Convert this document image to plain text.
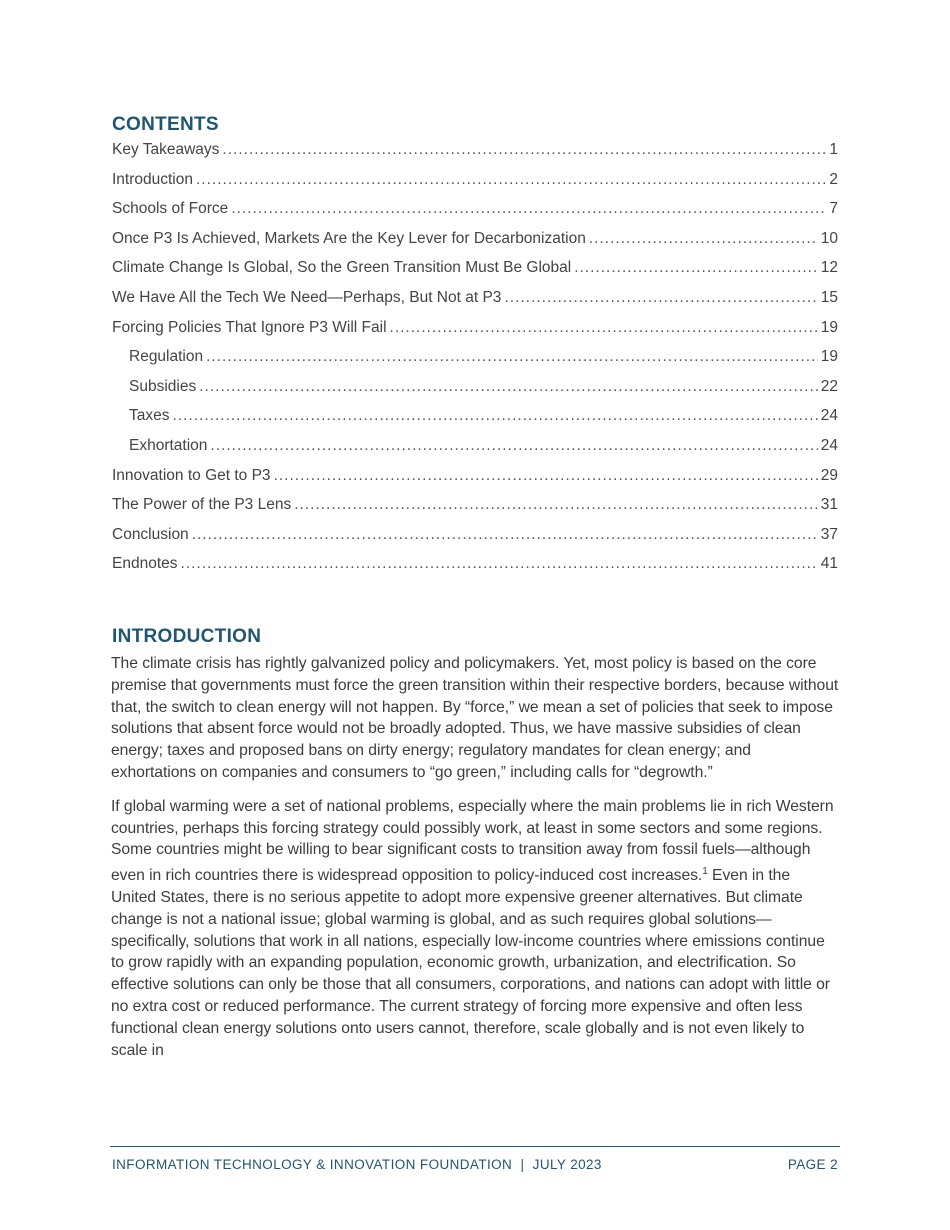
CONTENTS
Key Takeaways .....	1
Introduction .....	2
Schools of Force .....	7
Once P3 Is Achieved, Markets Are the Key Lever for Decarbonization .....	10
Climate Change Is Global, So the Green Transition Must Be Global .....	12
We Have All the Tech We Need—Perhaps, But Not at P3 .....	15
Forcing Policies That Ignore P3 Will Fail .....	19
Regulation .....	19
Subsidies .....	22
Taxes .....	24
Exhortation .....	24
Innovation to Get to P3 .....	29
The Power of the P3 Lens .....	31
Conclusion .....	37
Endnotes .....	41
INTRODUCTION

The climate crisis has rightly galvanized policy and policymakers. Yet, most policy is based on the core premise that governments must force the green transition within their respective borders, because without that, the switch to clean energy will not happen. By “force,” we mean a set of policies that seek to impose solutions that absent force would not be broadly adopted. Thus, we have massive subsidies of clean energy; taxes and proposed bans on dirty energy; regulatory mandates for clean energy; and exhortations on companies and consumers to “go green,” including calls for “degrowth.”

If global warming were a set of national problems, especially where the main problems lie in rich Western countries, perhaps this forcing strategy could possibly work, at least in some sectors and some regions. Some countries might be willing to bear significant costs to transition away from fossil fuels—although even in rich countries there is widespread opposition to policy-induced cost increases.$^1$ Even in the United States, there is no serious appetite to adopt more expensive greener alternatives. But climate change is not a national issue; global warming is global, and as such requires global solutions—specifically, solutions that work in all nations, especially low-income countries where emissions continue to grow rapidly with an expanding population, economic growth, urbanization, and electrification. So effective solutions can only be those that all consumers, corporations, and nations can adopt with little or no extra cost or reduced performance. The current strategy of forcing more expensive and often less functional clean energy solutions onto users cannot, therefore, scale globally and is not even likely to scale in

INFORMATION TECHNOLOGY & INNOVATION FOUNDATION  |  JULY 2023	PAGE 2
